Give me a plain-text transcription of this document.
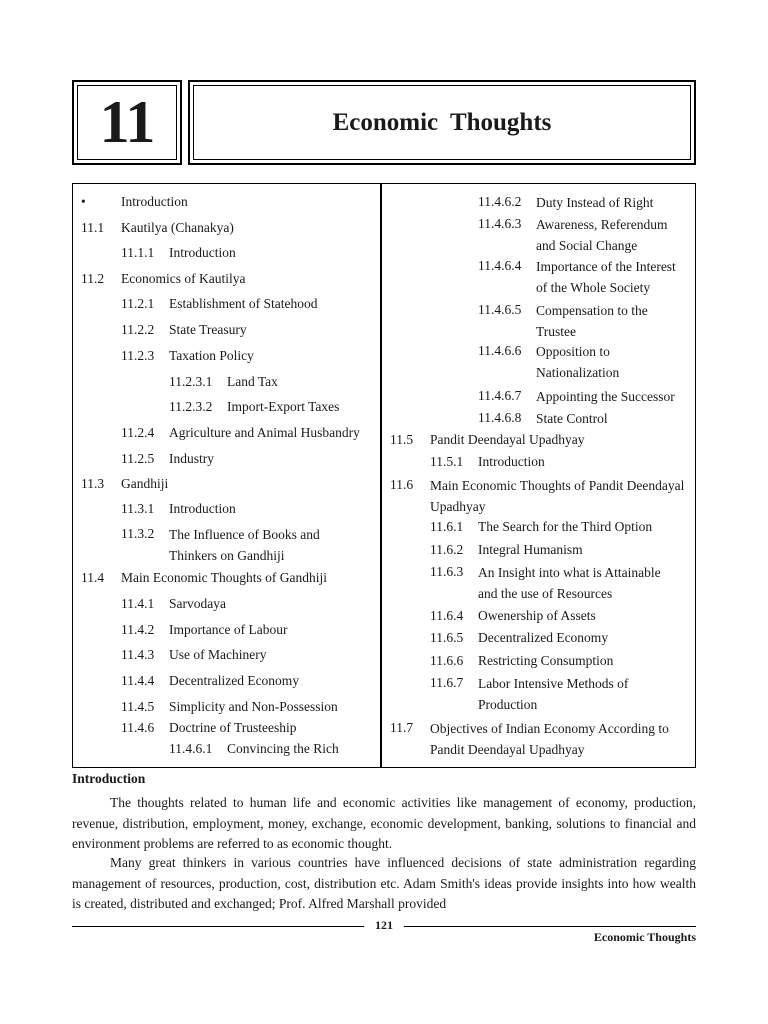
11	Economic Thoughts
•	Introduction
11.1 Kautilya (Chanakya)
11.1.1 Introduction
11.2 Economics of Kautilya
11.2.1 Establishment of Statehood
11.2.2 State Treasury
11.2.3 Taxation Policy
11.2.3.1 Land Tax
11.2.3.2 Import-Export Taxes
11.2.4 Agriculture and Animal Husbandry
11.2.5 Industry
11.3 Gandhiji
11.3.1 Introduction
11.3.2 The Influence of Books and Thinkers on Gandhiji
11.4 Main Economic Thoughts of Gandhiji
11.4.1 Sarvodaya
11.4.2 Importance of Labour
11.4.3 Use of Machinery
11.4.4 Decentralized Economy
11.4.5 Simplicity and Non-Possession
11.4.6 Doctrine of Trusteeship
11.4.6.1 Convincing the Rich
11.4.6.2 Duty Instead of Right
11.4.6.3 Awareness, Referendum and Social Change
11.4.6.4 Importance of the Interest of the Whole Society
11.4.6.5 Compensation to the Trustee
11.4.6.6 Opposition to Nationalization
11.4.6.7 Appointing the Successor
11.4.6.8 State Control
11.5 Pandit Deendayal Upadhyay
11.5.1 Introduction
11.6 Main Economic Thoughts of Pandit Deendayal Upadhyay
11.6.1 The Search for the Third Option
11.6.2 Integral Humanism
11.6.3 An Insight into what is Attainable and the use of Resources
11.6.4 Owenership of Assets
11.6.5 Decentralized Economy
11.6.6 Restricting Consumption
11.6.7 Labor Intensive Methods of Production
11.7 Objectives of Indian Economy According to Pandit Deendayal Upadhyay
Introduction

The thoughts related to human life and economic activities like management of economy, production, revenue, distribution, employment, money, exchange, economic development, banking, solutions to financial and environment problems are referred to as economic thought.

Many great thinkers in various countries have influenced decisions of state administration regarding management of resources, production, cost, distribution etc. Adam Smith's ideas provide insights into how wealth is created, distributed and exchanged; Prof. Alfred Marshall provided

121
Economic Thoughts
